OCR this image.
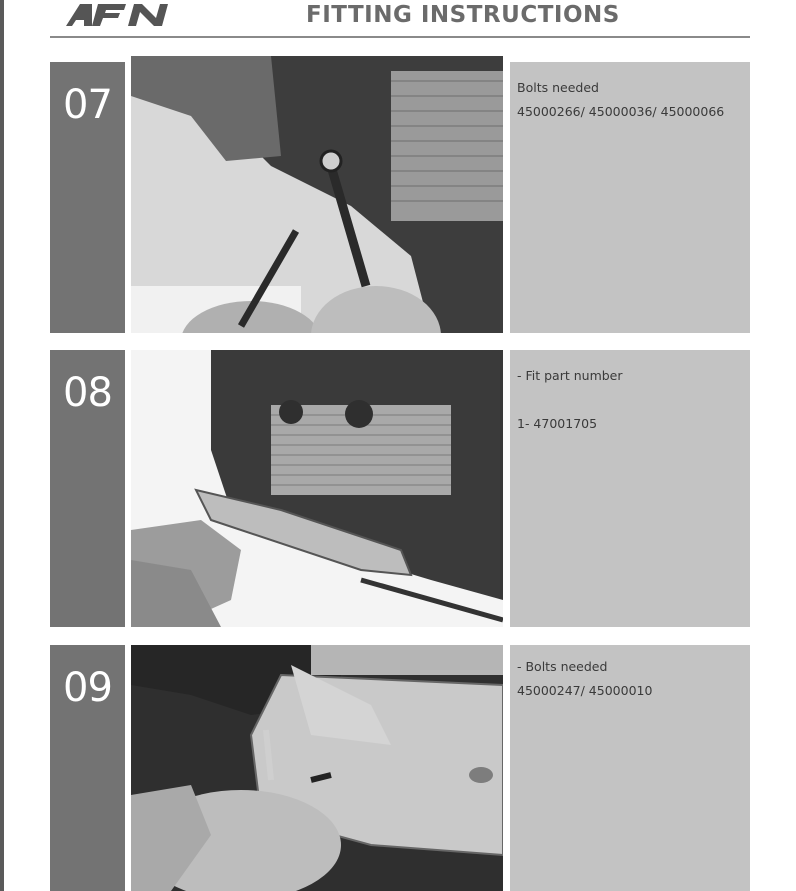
FITTING INSTRUCTIONS
07	Bolts needed
45000266/ 45000036/ 45000066
08	- Fit part number
1- 47001705
09	- Bolts needed
45000247/ 45000010
